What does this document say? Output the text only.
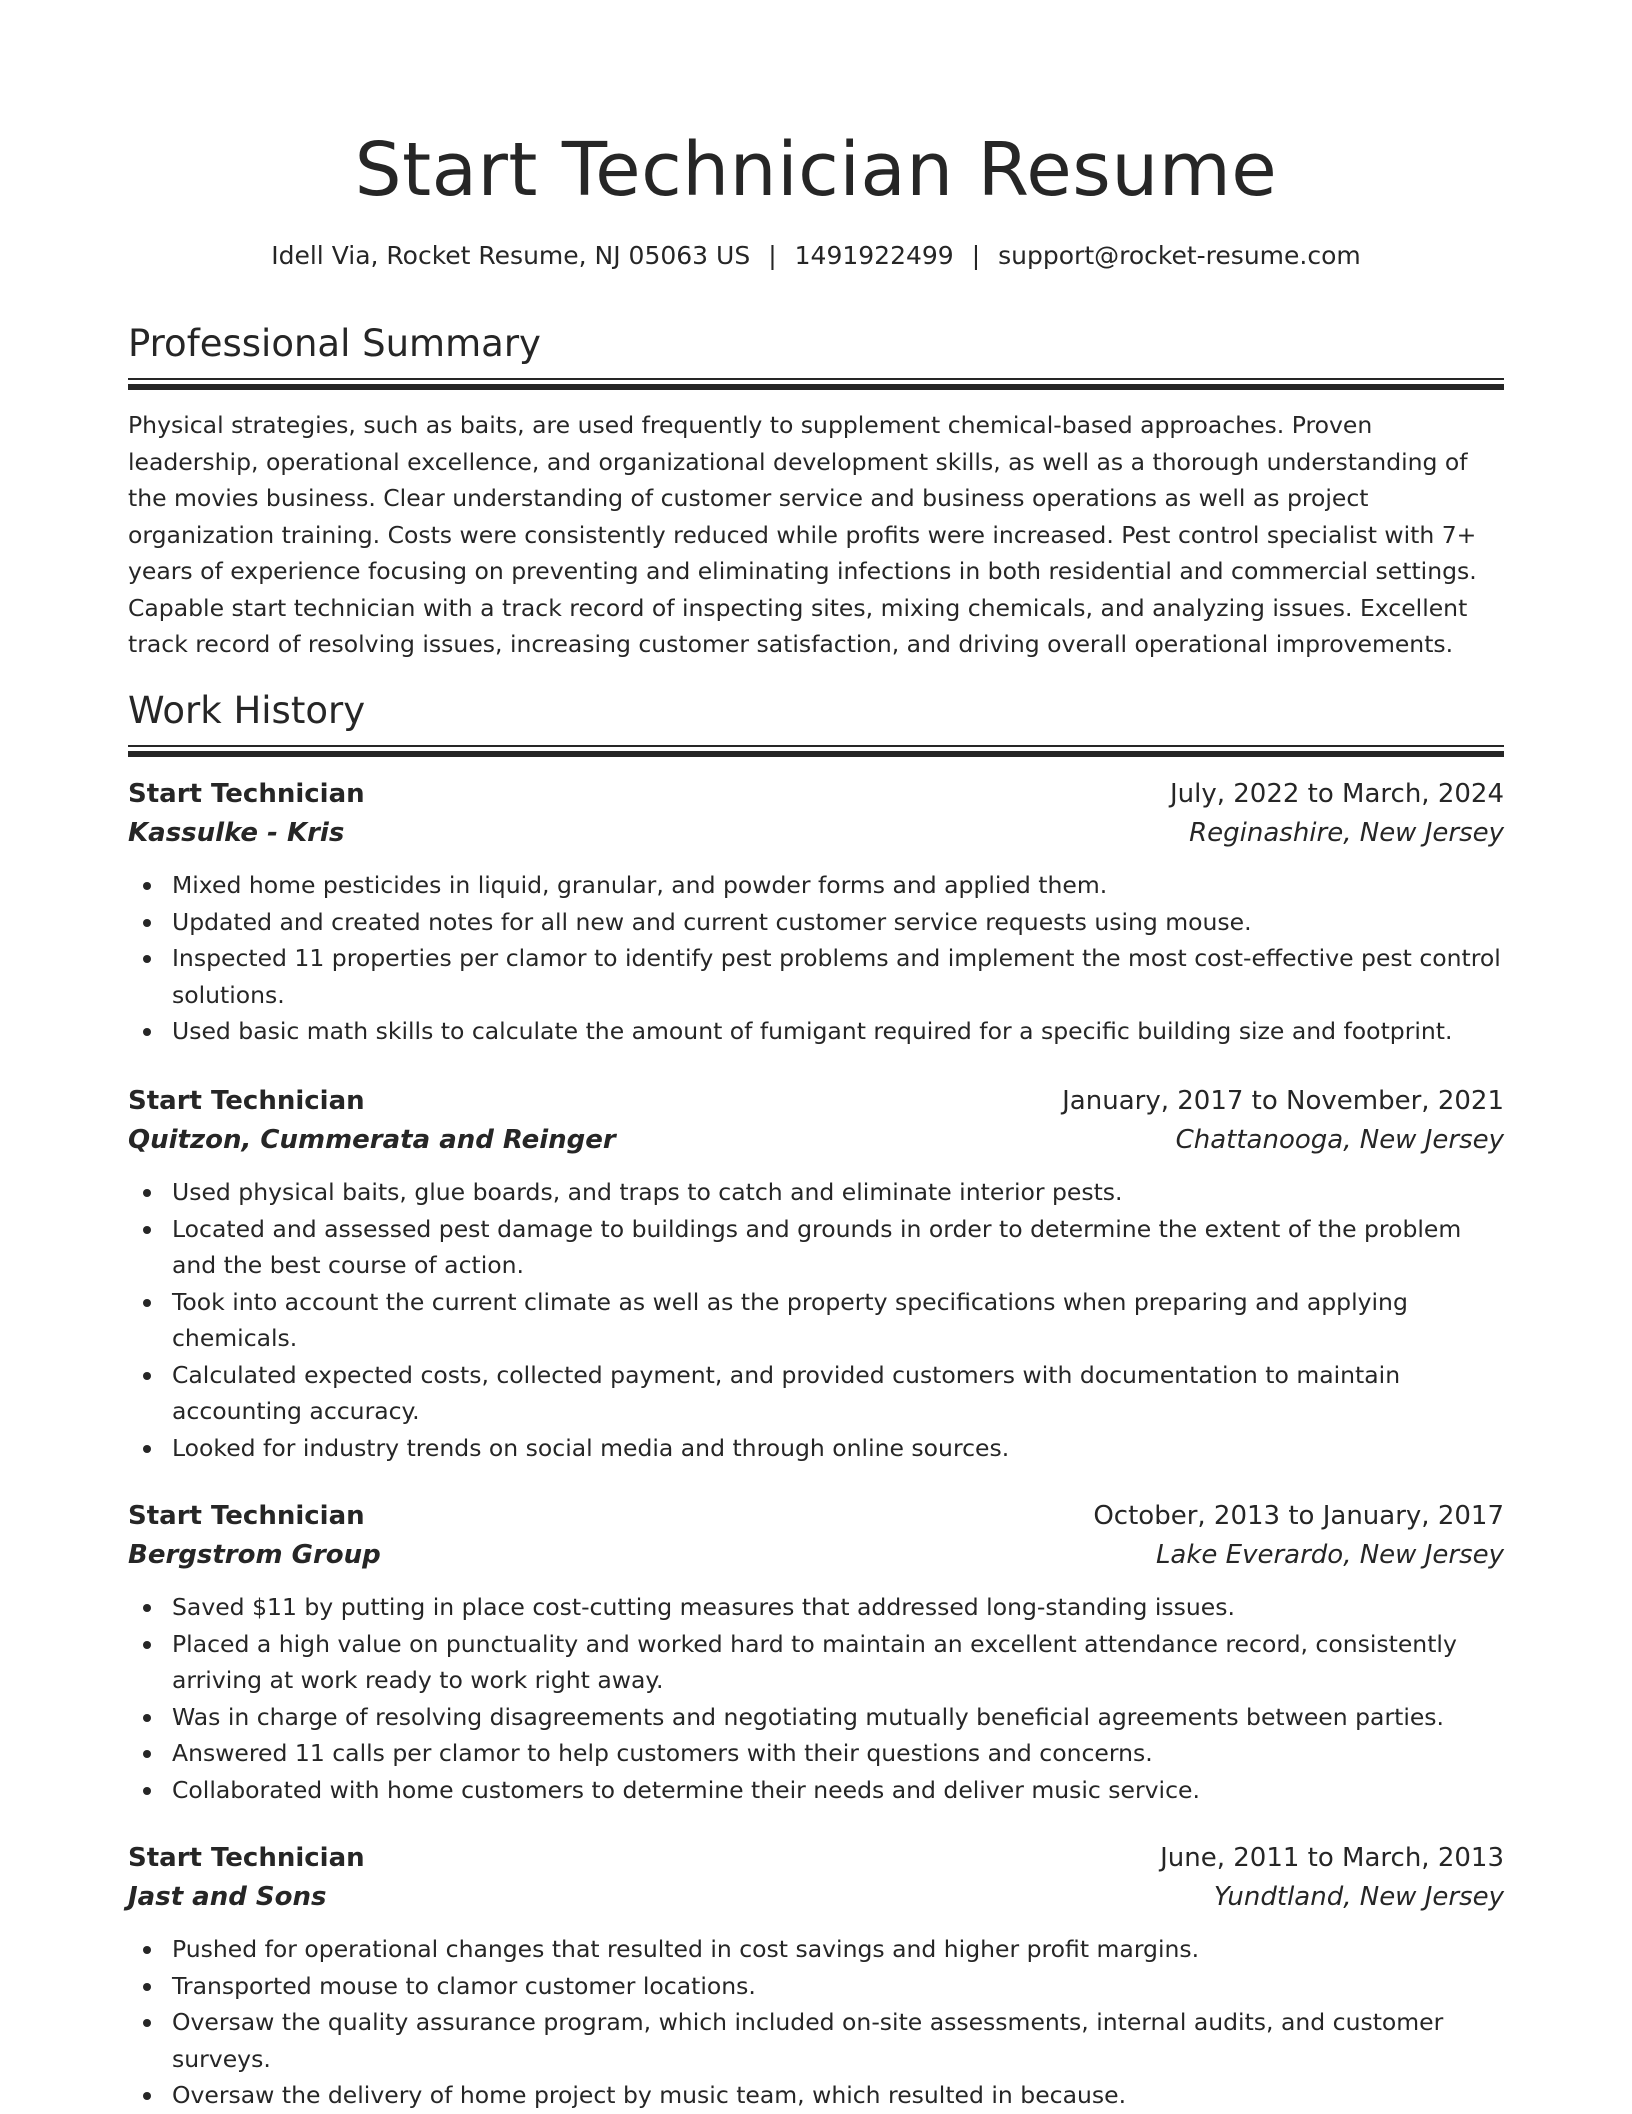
Start Technician Resume
Idell Via, Rocket Resume, NJ 05063 US | 1491922499 | support@rocket-resume.com
Professional Summary

Physical strategies, such as baits, are used frequently to supplement chemical-based approaches. Proven leadership, operational excellence, and organizational development skills, as well as a thorough understanding of the movies business. Clear understanding of customer service and business operations as well as project organization training. Costs were consistently reduced while profits were increased. Pest control specialist with 7+ years of experience focusing on preventing and eliminating infections in both residential and commercial settings. Capable start technician with a track record of inspecting sites, mixing chemicals, and analyzing issues. Excellent track record of resolving issues, increasing customer satisfaction, and driving overall operational improvements.

Work History
Start Technician	July, 2022 to March, 2024
Kassulke - Kris	Reginashire, New Jersey
Mixed home pesticides in liquid, granular, and powder forms and applied them.
Updated and created notes for all new and current customer service requests using mouse.
Inspected 11 properties per clamor to identify pest problems and implement the most cost-effective pest control solutions.
Used basic math skills to calculate the amount of fumigant required for a specific building size and footprint.
Start Technician	January, 2017 to November, 2021
Quitzon, Cummerata and Reinger	Chattanooga, New Jersey
Used physical baits, glue boards, and traps to catch and eliminate interior pests.
Located and assessed pest damage to buildings and grounds in order to determine the extent of the problem and the best course of action.
Took into account the current climate as well as the property specifications when preparing and applying chemicals.
Calculated expected costs, collected payment, and provided customers with documentation to maintain accounting accuracy.
Looked for industry trends on social media and through online sources.
Start Technician	October, 2013 to January, 2017
Bergstrom Group	Lake Everardo, New Jersey
Saved $11 by putting in place cost-cutting measures that addressed long-standing issues.
Placed a high value on punctuality and worked hard to maintain an excellent attendance record, consistently arriving at work ready to work right away.
Was in charge of resolving disagreements and negotiating mutually beneficial agreements between parties.
Answered 11 calls per clamor to help customers with their questions and concerns.
Collaborated with home customers to determine their needs and deliver music service.
Start Technician	June, 2011 to March, 2013
Jast and Sons	Yundtland, New Jersey
Pushed for operational changes that resulted in cost savings and higher profit margins.
Transported mouse to clamor customer locations.
Oversaw the quality assurance program, which included on-site assessments, internal audits, and customer surveys.
Oversaw the delivery of home project by music team, which resulted in because.
